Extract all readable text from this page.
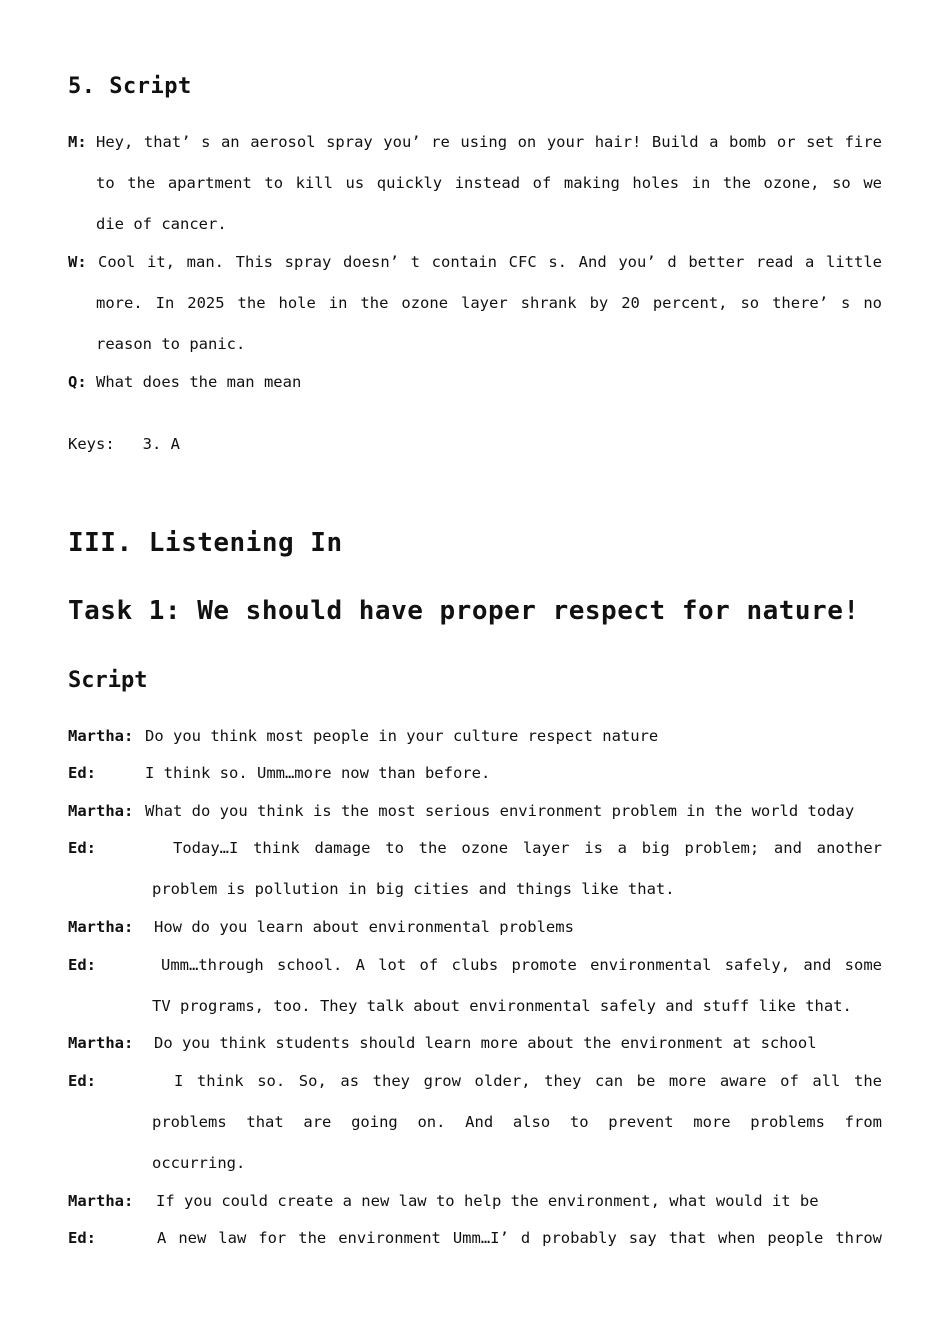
5. Script
M: Hey, that’ s an aerosol spray you’ re using on your hair! Build a bomb or set fire
to the apartment to kill us quickly instead of making holes in the ozone, so we
die of cancer.
W: Cool it, man. This spray doesn’ t contain CFC s. And you’ d better read a little
more. In 2025 the hole in the ozone layer shrank by 20 percent, so there’ s no
reason to panic.
Q: What does the man mean
Keys:   3. A
III. Listening In
Task 1: We should have proper respect for nature!
Script
Martha: Do you think most people in your culture respect nature
Ed:	I think so. Umm…more now than before.
Martha: What do you think is the most serious environment problem in the world today
Ed:	Today…I think damage to the ozone layer is a big problem; and another
problem is pollution in big cities and things like that.
Martha: How do you learn about environmental problems
Ed:	Umm…through school. A lot of clubs promote environmental safely, and some
TV programs, too. They talk about environmental safely and stuff like that.
Martha: Do you think students should learn more about the environment at school
Ed:	I think so. So, as they grow older, they can be more aware of all the
problems that are going on. And also to prevent more problems from
occurring.
Martha: If you could create a new law to help the environment, what would it be
Ed:	A new law for the environment Umm…I’ d probably say that when people throw
